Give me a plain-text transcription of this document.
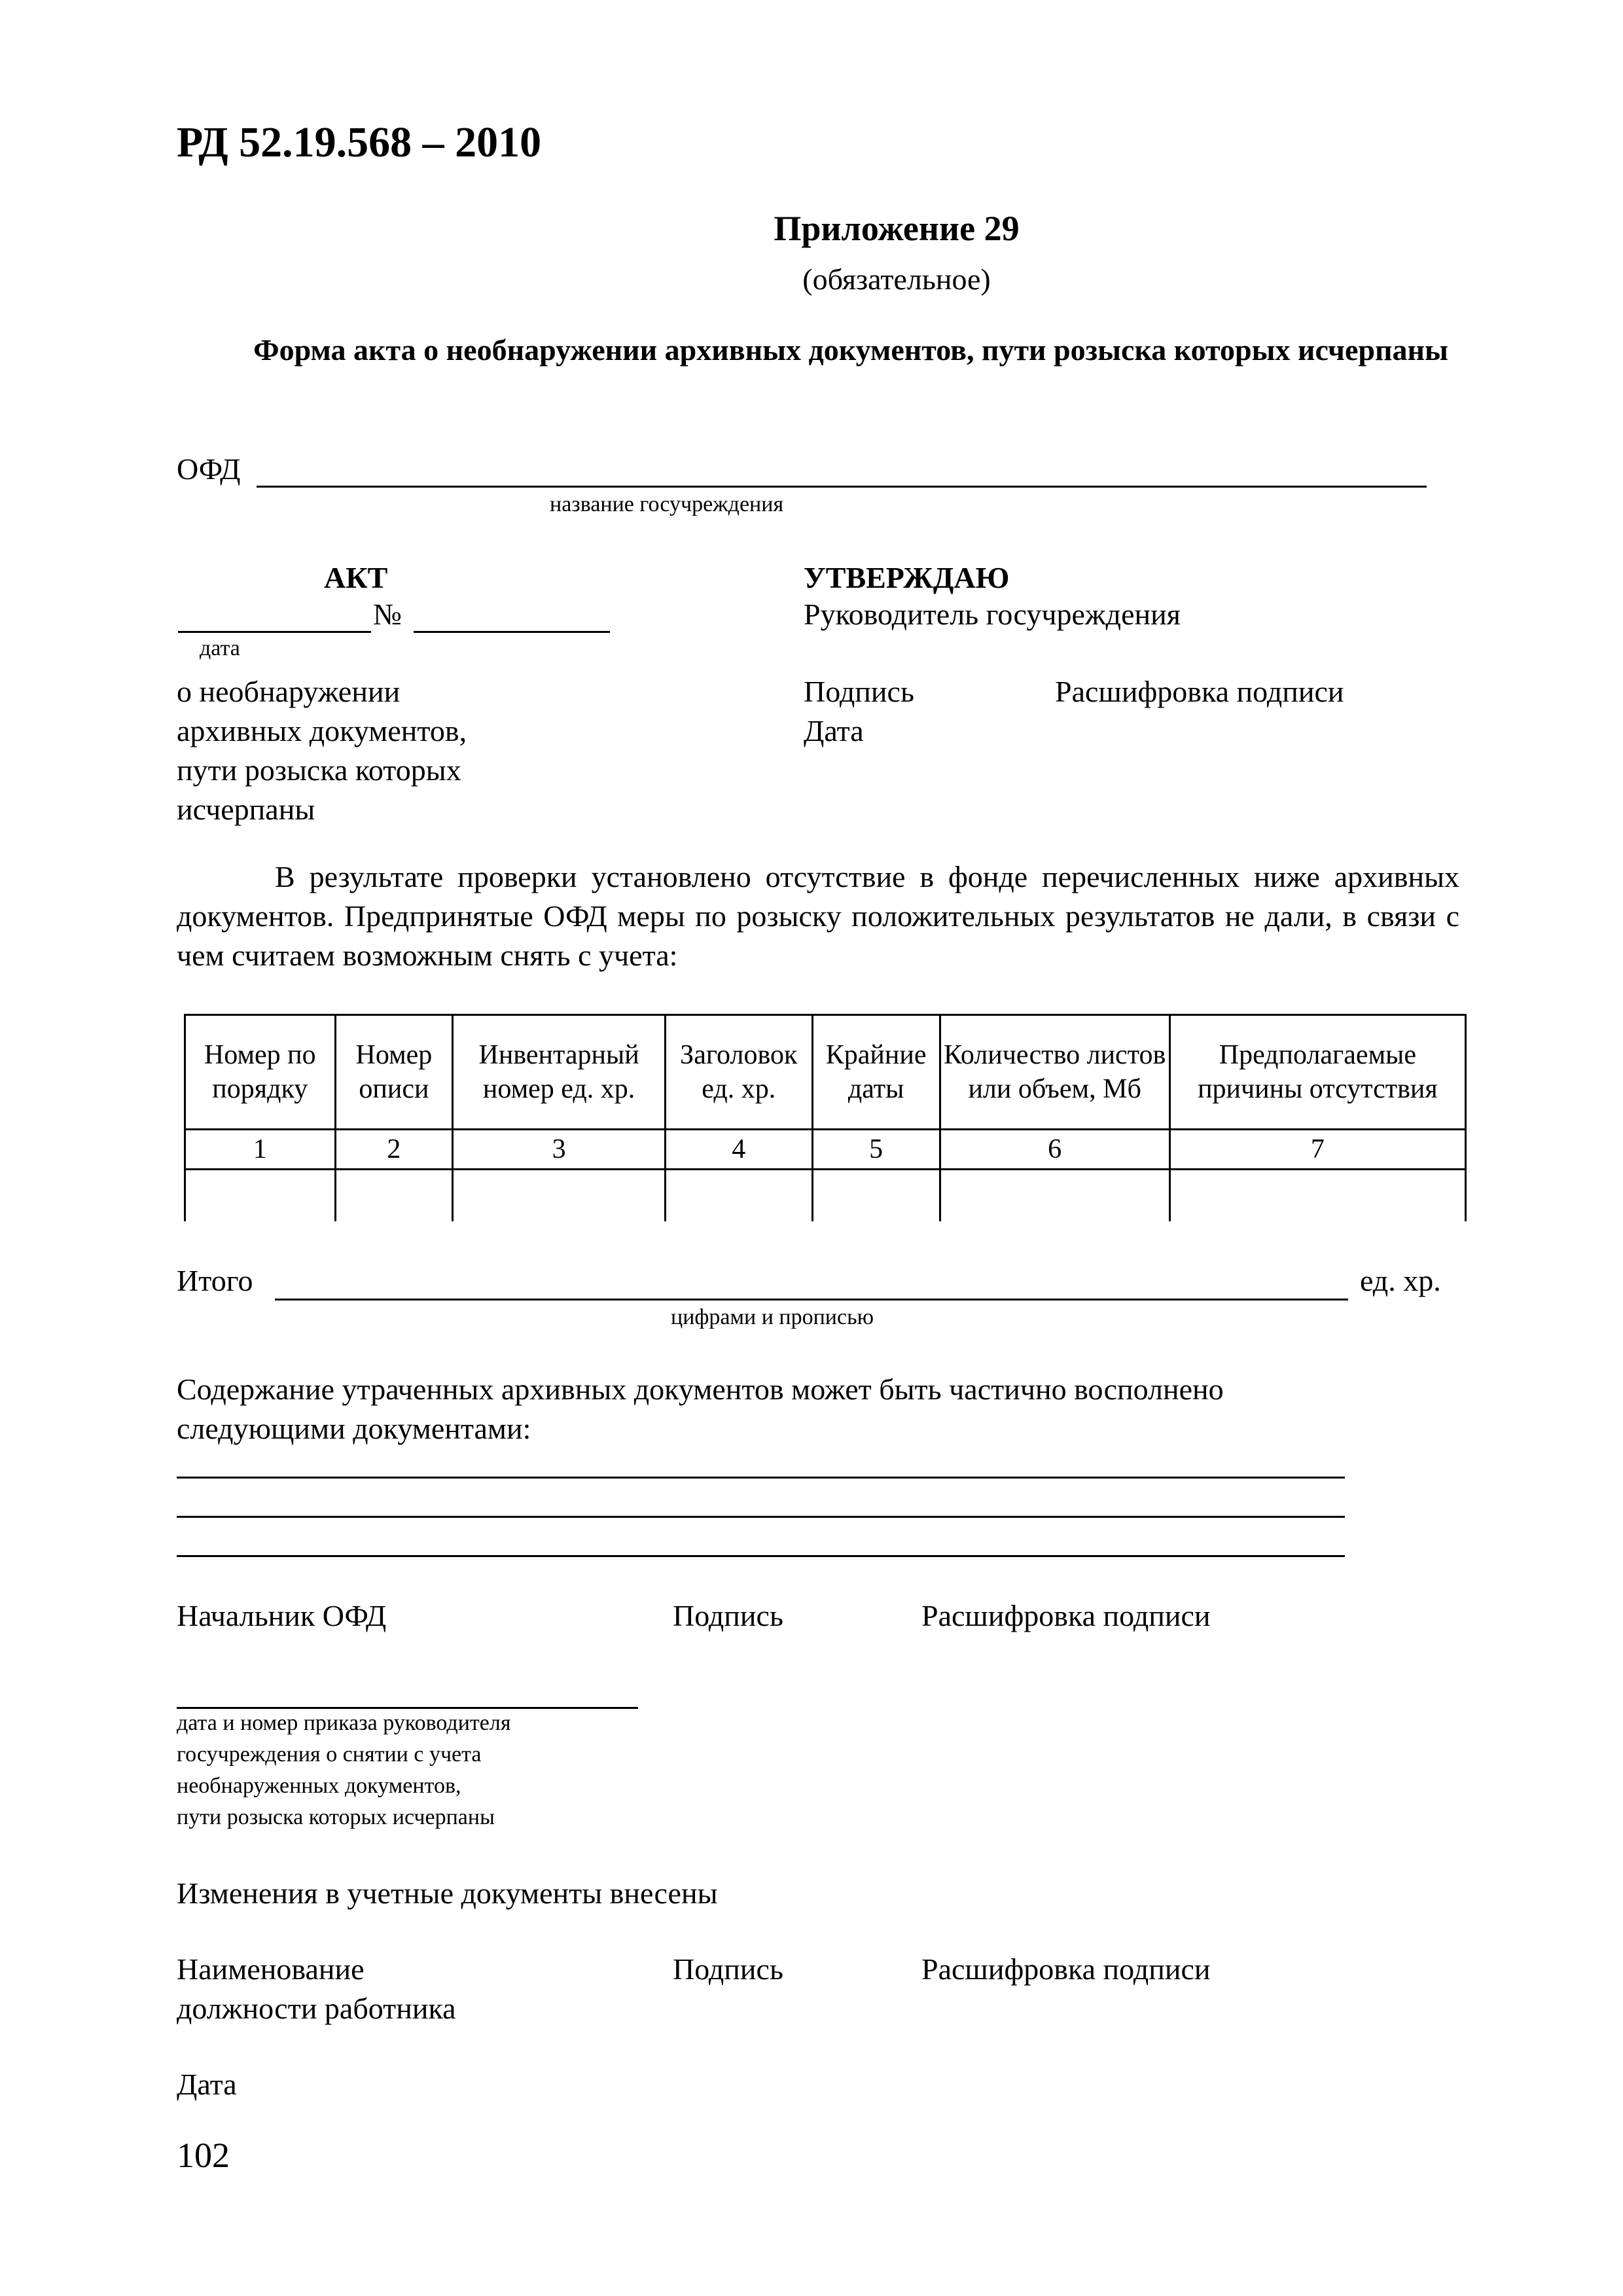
РД 52.19.568 – 2010
Приложение 29
(обязательное)
Форма акта о необнаружении архивных документов, пути розыска которых исчерпаны
ОФД
название госучреждения
АКТ
№
дата
о необнаружении
архивных документов,
пути розыска которых
исчерпаны
УТВЕРЖДАЮ
Руководитель госучреждения
Подпись	Расшифровка подписи
Дата
В результате проверки установлено отсутствие в фонде перечисленных ниже архивных документов. Предпринятые ОФД меры по розыску положительных результатов не дали, в связи с чем считаем возможным снять с учета:
Номер по порядку	Номер описи	Инвентарный номер ед. хр.	Заголовок ед. хр.	Крайние даты	Количество листов или объем, Мб	Предполагаемые причины отсутствия
1	2	3	4	5	6	7

Итого	ед. хр.
цифрами и прописью
Содержание утраченных архивных документов может быть частично восполнено
следующими документами:
Начальник ОФД	Подпись	Расшифровка подписи
дата и номер приказа руководителя
госучреждения о снятии с учета
необнаруженных документов,
пути розыска которых исчерпаны
Изменения в учетные документы внесены
Наименование
должности работника
Подпись	Расшифровка подписи
Дата
102
